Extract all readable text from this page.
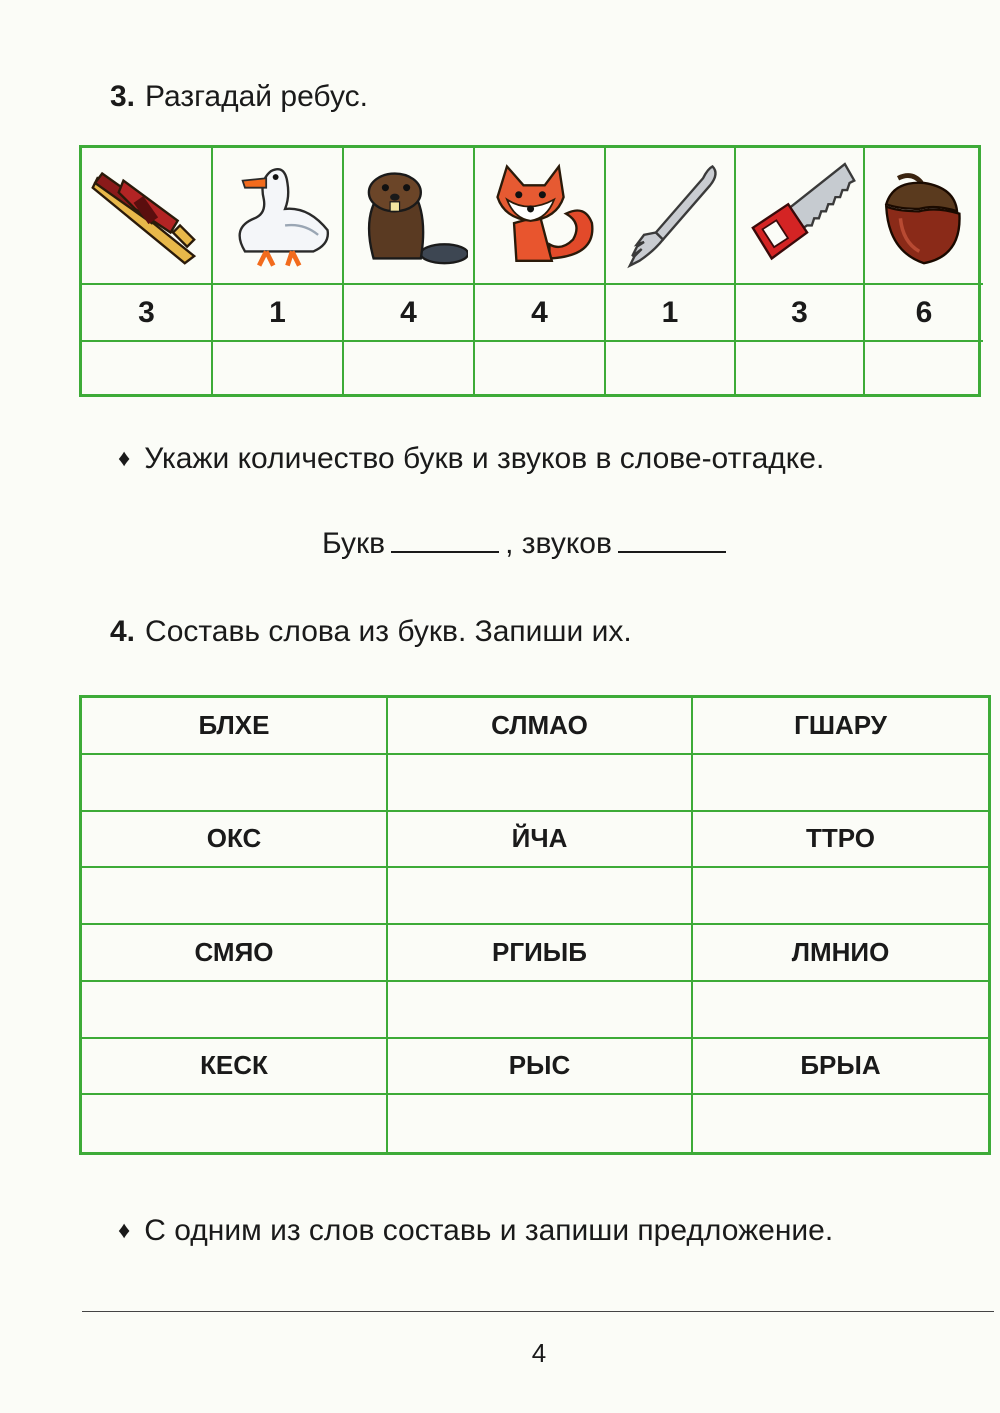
3. Разгадай ребус.
3	1	4	4	1	3	6
♦ Укажи количество букв и звуков в слове-отгадке.
Букв	,
звуков
4. Составь слова из букв. Запиши их.
БЛХЕ	СЛМАО	ГШАРУ
ОКС	ЙЧА	ТТРО
СМЯО	РГИЫБ	ЛМНИО
КЕСК	РЫС	БРЫА
♦ С одним из слов составь и запиши предложение.
4
